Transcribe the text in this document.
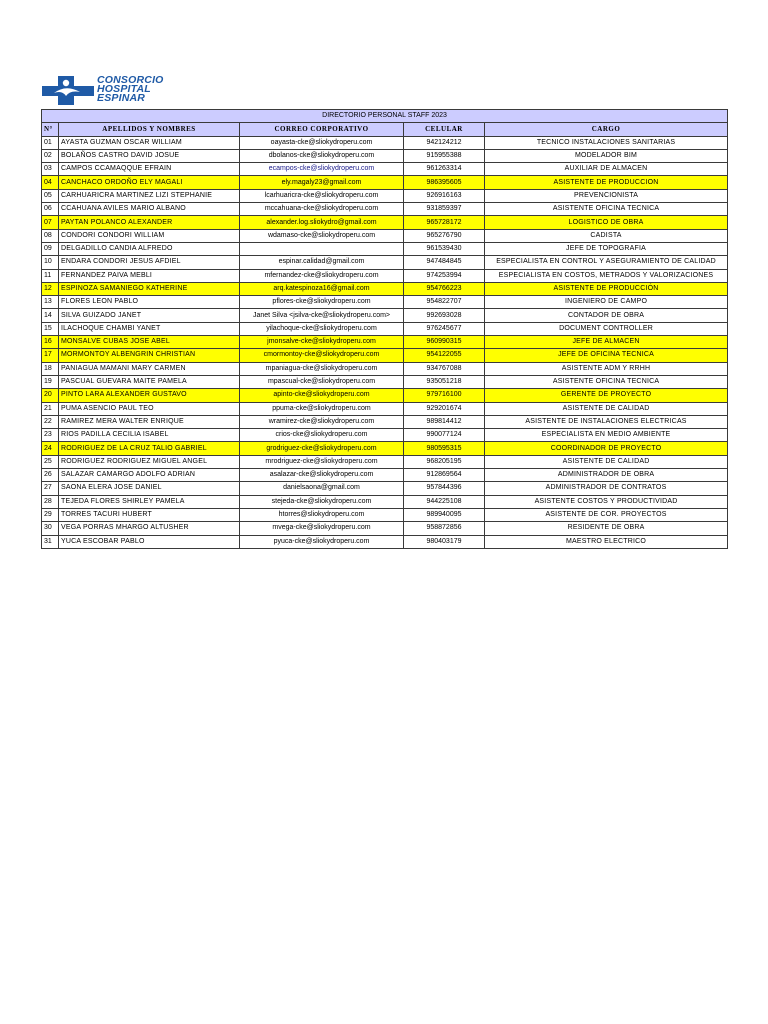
CONSORCIO
HOSPITAL
ESPINAR
DIRECTORIO PERSONAL STAFF 2023				
N°	APELLIDOS Y NOMBRES	CORREO CORPORATIVO	CELULAR	CARGO
01	AYASTA GUZMAN OSCAR WILLIAM	oayasta-cke@sliokydroperu.com	942124212	TECNICO INSTALACIONES SANITARIAS
02	BOLAÑOS CASTRO DAVID JOSUE	dbolanos-cke@sliokydroperu.com	915955388	MODELADOR BIM
03	CAMPOS CCAMAQQUE EFRAIN	ecampos-cke@sliokydroperu.com	961263314	AUXILIAR DE ALMACEN
04	CANCHACO ORDOÑO ELY MAGALI	ely.magaly23@gmail.com	986395605	ASISTENTE DE PRODUCCION
05	CARHUARICRA MARTINEZ LIZI STEPHANIE	lcarhuaricra-cke@sliokydroperu.com	926916163	PREVENCIONISTA
06	CCAHUANA AVILES MARIO ALBANO	mccahuana-cke@sliokydroperu.com	931859397	ASISTENTE OFICINA TECNICA
07	PAYTAN POLANCO ALEXANDER	alexander.log.sliokydro@gmail.com	965728172	LOGISTICO DE OBRA
08	CONDORI CONDORI WILLIAM	wdamaso-cke@sliokydroperu.com	965276790	CADISTA
09	DELGADILLO CANDIA ALFREDO		961539430	JEFE DE TOPOGRAFIA
10	ENDARA CONDORI JESUS AFDIEL	espinar.calidad@gmail.com	947484845	ESPECIALISTA EN CONTROL Y ASEGURAMIENTO DE CALIDAD
11	FERNANDEZ PAIVA MEBLI	mfernandez-cke@sliokydroperu.com	974253994	ESPECIALISTA EN COSTOS, METRADOS Y VALORIZACIONES
12	ESPINOZA SAMANIEGO KATHERINE	arq.katespinoza16@gmail.com	954766223	ASISTENTE DE PRODUCCIÓN
13	FLORES LEON PABLO	pflores-cke@sliokydroperu.com	954822707	INGENIERO DE CAMPO
14	SILVA GUIZADO JANET	Janet Silva <jsilva-cke@sliokydroperu.com>	992693028	CONTADOR DE OBRA
15	ILACHOQUE CHAMBI YANET	yilachoque-cke@sliokydroperu.com	976245677	DOCUMENT CONTROLLER
16	MONSALVE CUBAS JOSE ABEL	jmonsalve-cke@sliokydroperu.com	960990315	JEFE DE ALMACEN
17	MORMONTOY ALBENGRIN CHRISTIAN	cmormontoy-cke@sliokydroperu.com	954122055	JEFE DE OFICINA TECNICA
18	PANIAGUA MAMANI MARY CARMEN	mpaniagua-cke@sliokydroperu.com	934767088	ASISTENTE ADM Y RRHH
19	PASCUAL GUEVARA MAITE PAMELA	mpascual-cke@sliokydroperu.com	935051218	ASISTENTE OFICINA TECNICA
20	PINTO LARA ALEXANDER GUSTAVO	apinto-cke@sliokydroperu.com	979716100	GERENTE DE PROYECTO
21	PUMA ASENCIO PAUL TEO	ppuma-cke@sliokydroperu.com	929201674	ASISTENTE DE CALIDAD
22	RAMIREZ MERA WALTER ENRIQUE	wramirez-cke@sliokydroperu.com	989814412	ASISTENTE DE INSTALACIONES ELECTRICAS
23	RIOS PADILLA CECILIA ISABEL	crios-cke@sliokydroperu.com	990077124	ESPECIALISTA EN MEDIO AMBIENTE
24	RODRIGUEZ DE LA CRUZ TALIO GABRIEL	grodriguez-cke@sliokydroperu.com	980595315	COORDINADOR DE PROYECTO
25	RODRIGUEZ RODRIGUEZ MIGUEL ANGEL	mrodriguez-cke@sliokydroperu.com	968205195	ASISTENTE DE CALIDAD
26	SALAZAR CAMARGO ADOLFO ADRIAN	asalazar-cke@sliokydroperu.com	912869564	ADMINISTRADOR DE OBRA
27	SAONA ELERA JOSE DANIEL	danielsaona@gmail.com	957844396	ADMINISTRADOR DE CONTRATOS
28	TEJEDA FLORES SHIRLEY PAMELA	stejeda-cke@sliokydroperu.com	944225108	ASISTENTE COSTOS Y PRODUCTIVIDAD
29	TORRES TACURI HUBERT	htorres@sliokydroperu.com	989940095	ASISTENTE DE COR. PROYECTOS
30	VEGA PORRAS MHARGO ALTUSHER	mvega-cke@sliokydroperu.com	958872856	RESIDENTE DE OBRA
31	YUCA ESCOBAR PABLO	pyuca-cke@sliokydroperu.com	980403179	MAESTRO ELECTRICO
